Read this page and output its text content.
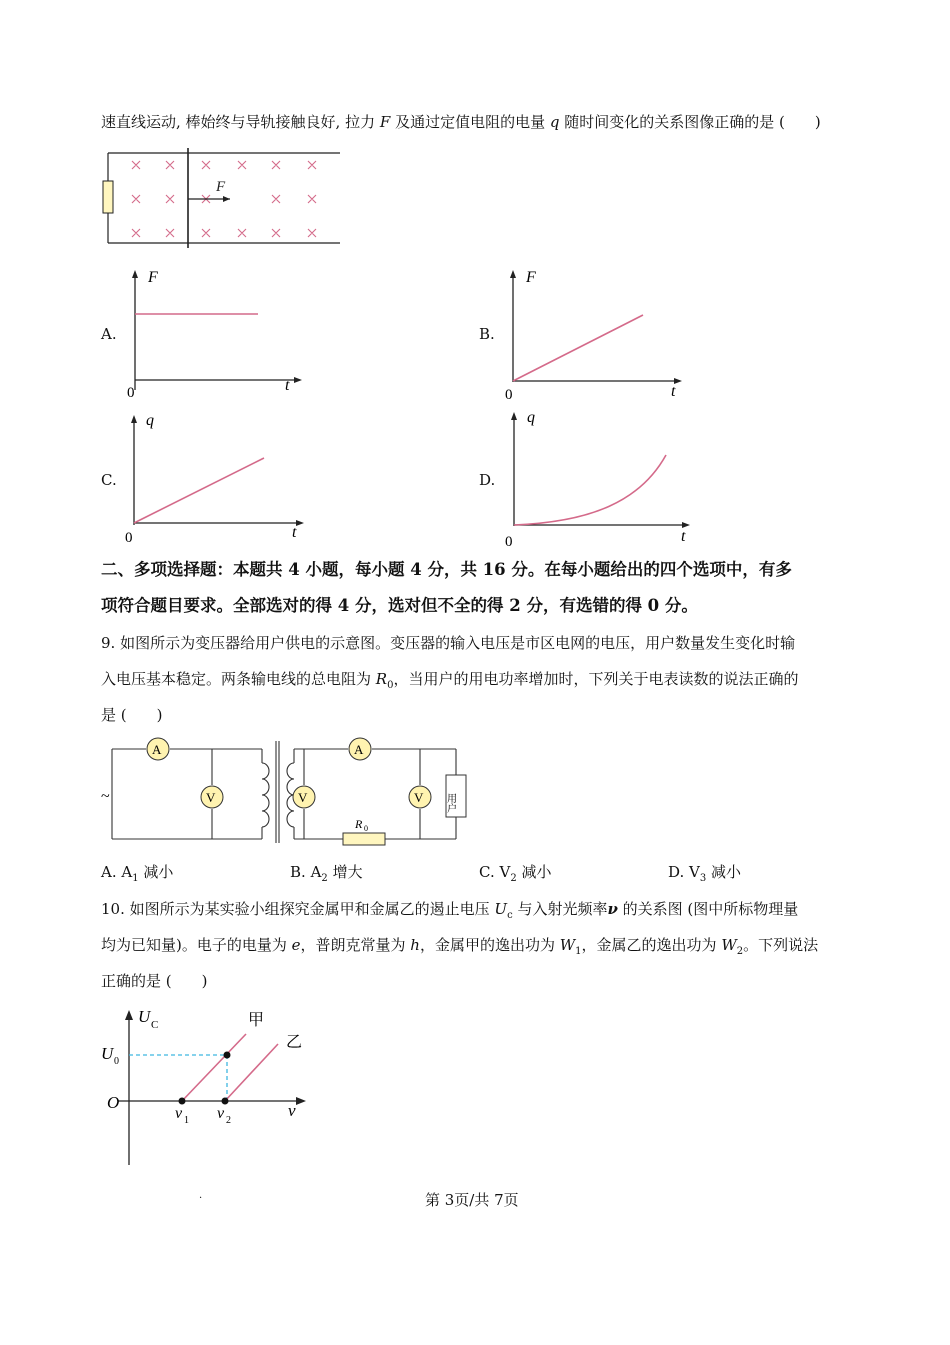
速直线运动, 棒始终与导轨接触良好, 拉力 F 及通过定值电阻的电量 q 随时间变化的关系图像正确的是 (　　)
F
A.	B.
C.	D.
F
t
0
F
t
0
q
t
0
q
t
0
二、多项选择题：本题共 4 小题，每小题 4 分，共 16 分。在每小题给出的四个选项中，有多
项符合题目要求。全部选对的得 4 分，选对但不全的得 2 分，有选错的得 0 分。
9. 如图所示为变压器给用户供电的示意图。变压器的输入电压是市区电网的电压，用户数量发生变化时输
入电压基本稳定。两条输电线的总电阻为 $R_0$，当用户的用电功率增加时，下列关于电表读数的说法正确的
是 (　　)
~
A
V
A
V	V 用户
R 0
A. $A_1$ 减小	B. $A_2$ 增大	C. $V_2$ 减小	D. $V_3$ 减小
10. 如图所示为某实验小组探究金属甲和金属乙的遏止电压 $U_c$ 与入射光频率ν 的关系图 (图中所标物理量
均为已知量)。电子的电量为 e，普朗克常量为 h，金属甲的逸出功为 $W_1$，金属乙的逸出功为 $W_2$。下列说法
正确的是 (　　)
U C
U 0
O	ν
ν 1 ν 2
甲
乙
.	第 3页/共 7页
